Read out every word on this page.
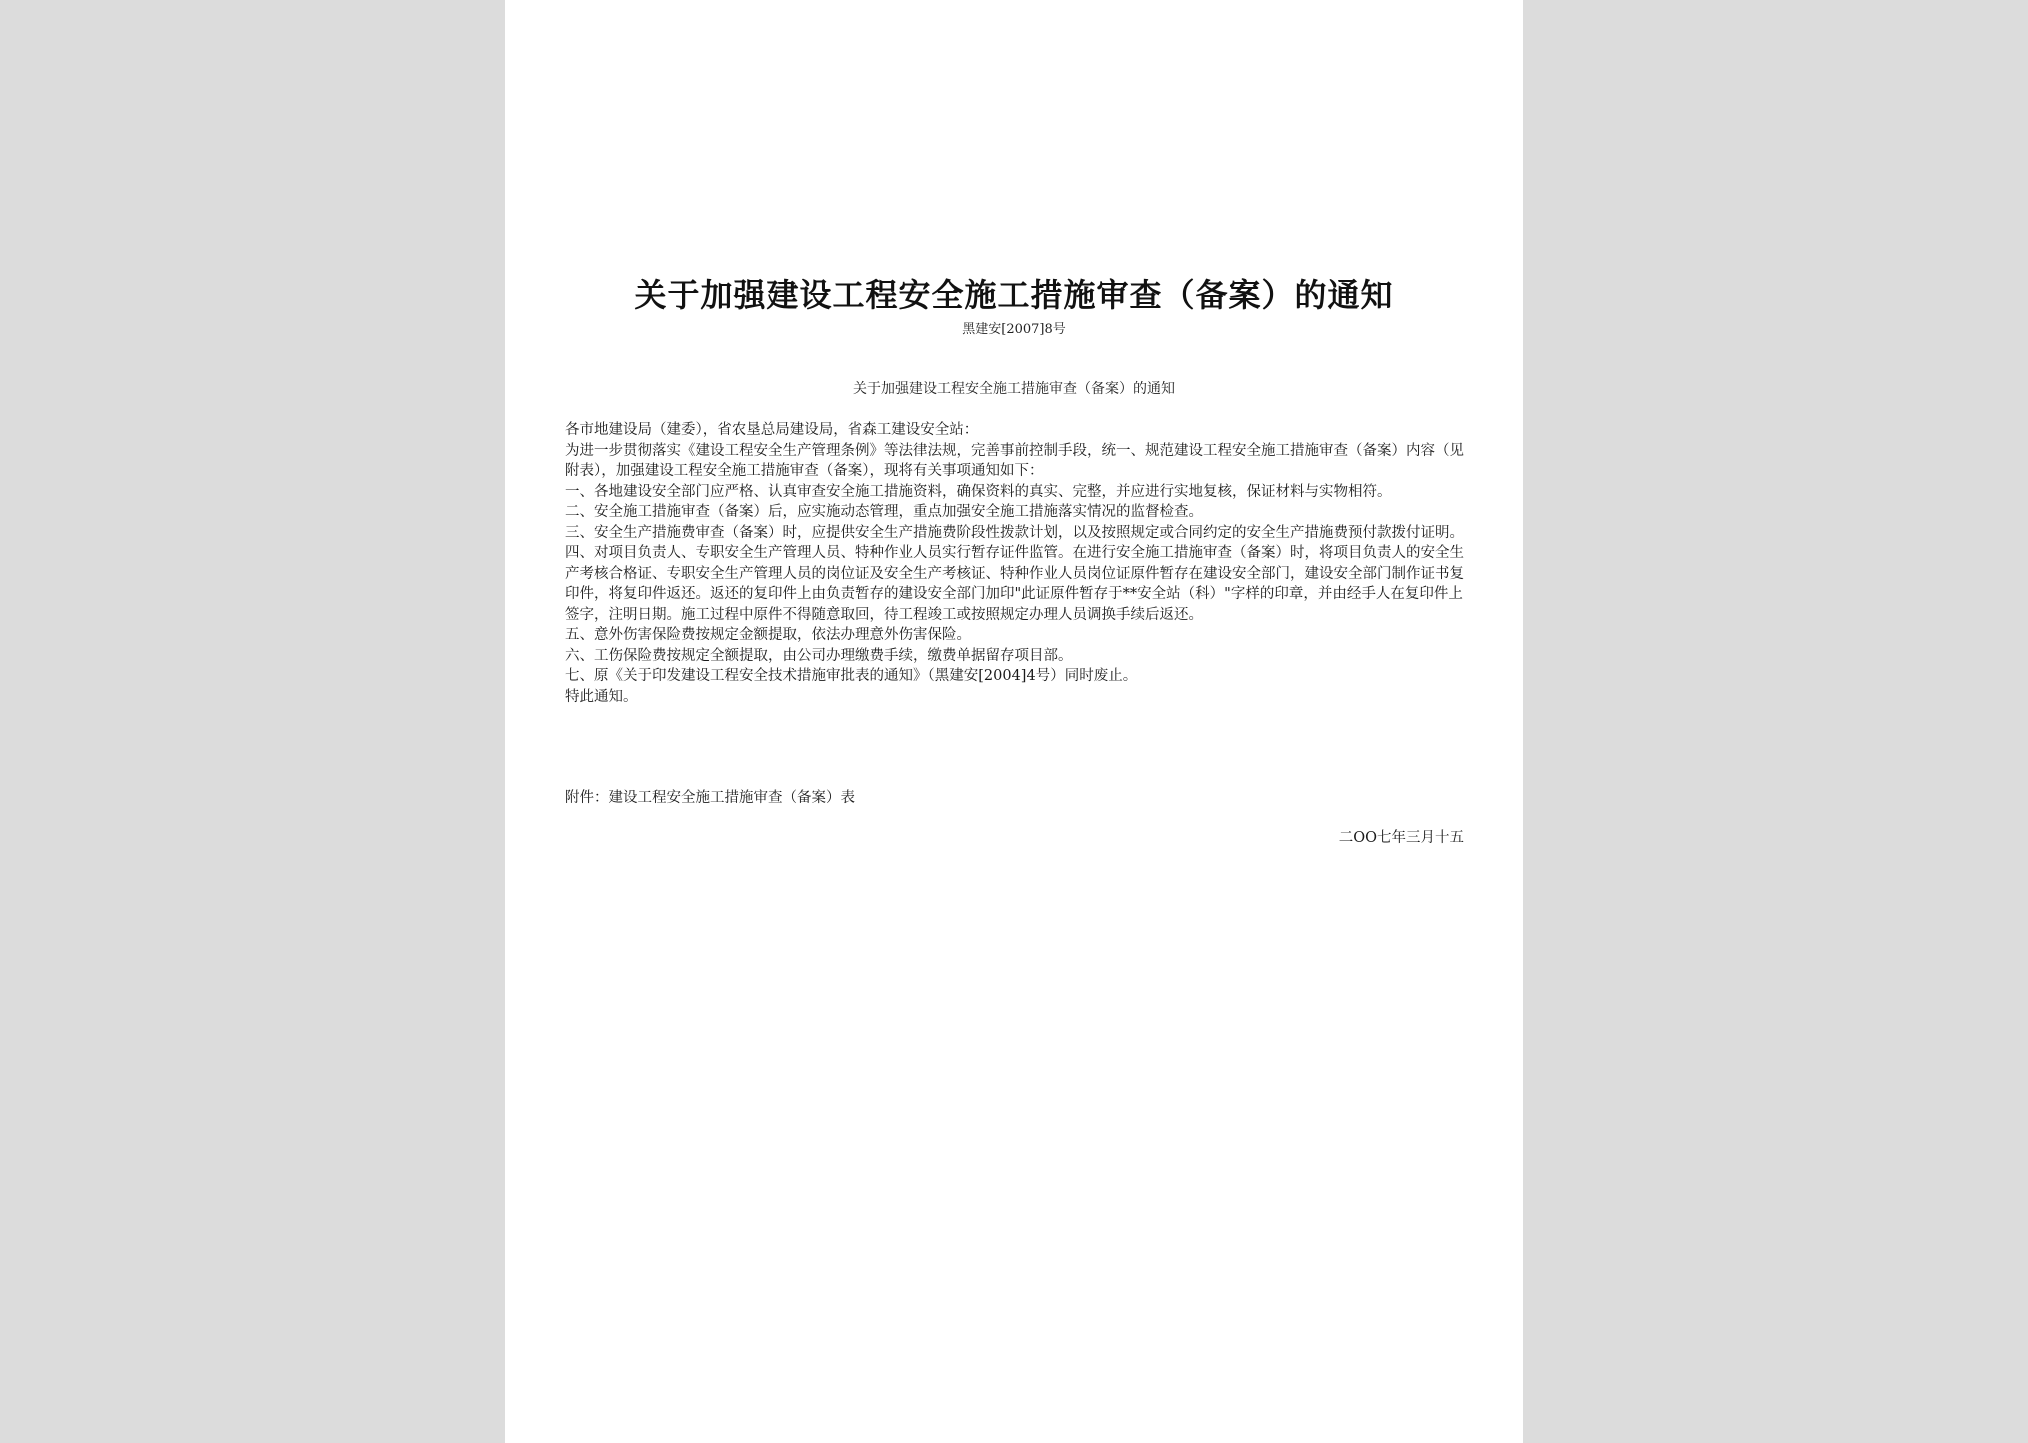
关于加强建设工程安全施工措施审查（备案）的通知
黑建安[2007]8号
关于加强建设工程安全施工措施审查（备案）的通知

各市地建设局（建委），省农垦总局建设局，省森工建设安全站：

为进一步贯彻落实《建设工程安全生产管理条例》等法律法规，完善事前控制手段，统一、规范建设工程安全施工措施审查（备案）内容（见附表），加强建设工程安全施工措施审查（备案），现将有关事项通知如下：

一、各地建设安全部门应严格、认真审查安全施工措施资料，确保资料的真实、完整，并应进行实地复核，保证材料与实物相符。

二、安全施工措施审查（备案）后，应实施动态管理，重点加强安全施工措施落实情况的监督检查。

三、安全生产措施费审查（备案）时，应提供安全生产措施费阶段性拨款计划，以及按照规定或合同约定的安全生产措施费预付款拨付证明。

四、对项目负责人、专职安全生产管理人员、特种作业人员实行暂存证件监管。在进行安全施工措施审查（备案）时，将项目负责人的安全生产考核合格证、专职安全生产管理人员的岗位证及安全生产考核证、特种作业人员岗位证原件暂存在建设安全部门，建设安全部门制作证书复印件，将复印件返还。返还的复印件上由负责暂存的建设安全部门加印"此证原件暂存于**安全站（科）"字样的印章，并由经手人在复印件上签字，注明日期。施工过程中原件不得随意取回，待工程竣工或按照规定办理人员调换手续后返还。

五、意外伤害保险费按规定金额提取，依法办理意外伤害保险。

六、工伤保险费按规定全额提取，由公司办理缴费手续，缴费单据留存项目部。

七、原《关于印发建设工程安全技术措施审批表的通知》（黑建安[2004]4号）同时废止。

特此通知。

附件：建设工程安全施工措施审查（备案）表
二OO七年三月十五
